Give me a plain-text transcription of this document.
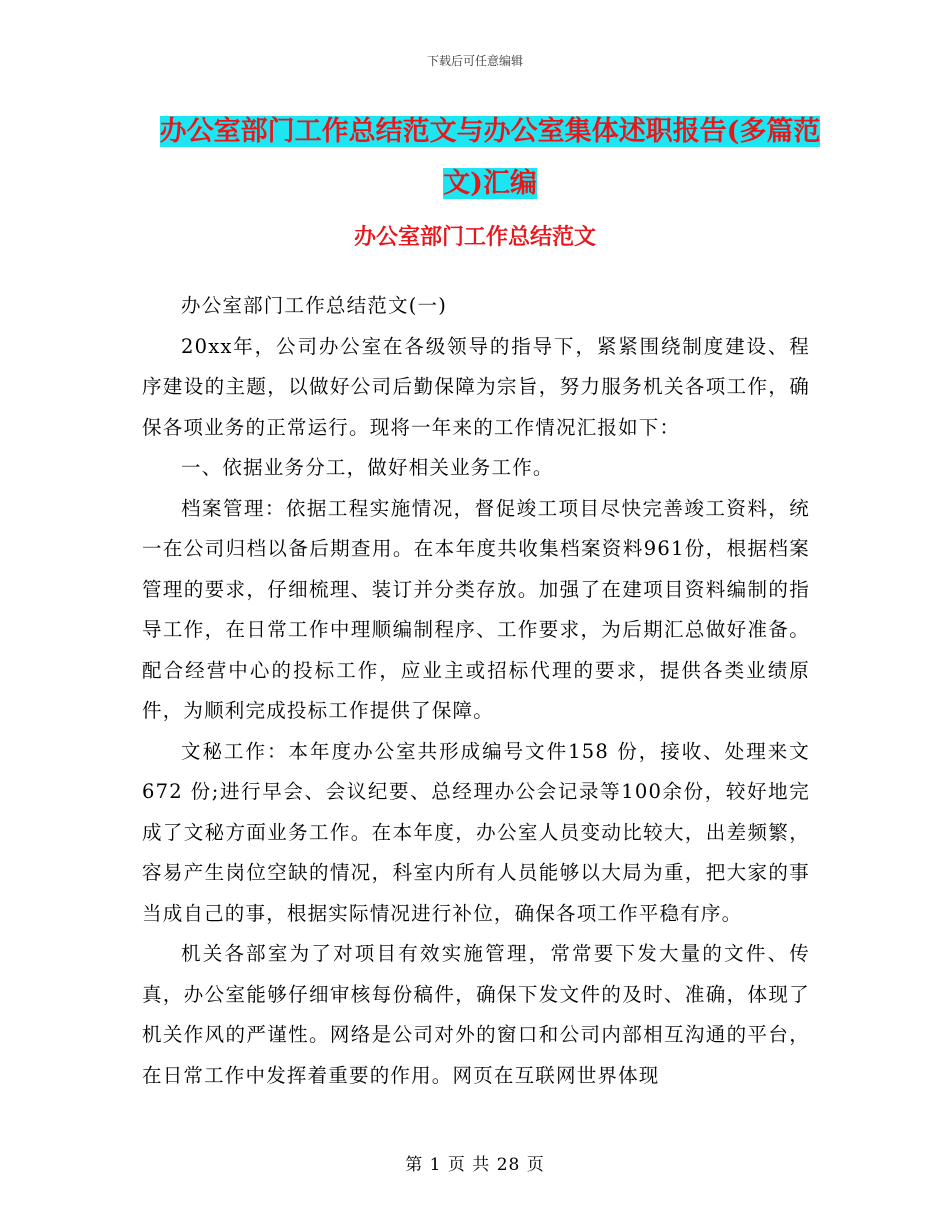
下载后可任意编辑
办公室部门工作总结范文与办公室集体述职报告(多篇范文)汇编
办公室部门工作总结范文

办公室部门工作总结范文(一)

20xx年，公司办公室在各级领导的指导下，紧紧围绕制度建设、程序建设的主题，以做好公司后勤保障为宗旨，努力服务机关各项工作，确保各项业务的正常运行。现将一年来的工作情况汇报如下：

一、依据业务分工，做好相关业务工作。

档案管理：依据工程实施情况，督促竣工项目尽快完善竣工资料，统一在公司归档以备后期查用。在本年度共收集档案资料961份，根据档案管理的要求，仔细梳理、装订并分类存放。加强了在建项目资料编制的指导工作，在日常工作中理顺编制程序、工作要求，为后期汇总做好准备。配合经营中心的投标工作，应业主或招标代理的要求，提供各类业绩原件，为顺利完成投标工作提供了保障。

文秘工作：本年度办公室共形成编号文件158 份，接收、处理来文672 份;进行早会、会议纪要、总经理办公会记录等100余份，较好地完成了文秘方面业务工作。在本年度，办公室人员变动比较大，出差频繁，容易产生岗位空缺的情况，科室内所有人员能够以大局为重，把大家的事当成自己的事，根据实际情况进行补位，确保各项工作平稳有序。

机关各部室为了对项目有效实施管理，常常要下发大量的文件、传真，办公室能够仔细审核每份稿件，确保下发文件的及时、准确，体现了机关作风的严谨性。网络是公司对外的窗口和公司内部相互沟通的平台，在日常工作中发挥着重要的作用。网页在互联网世界体现

第 1 页 共 28 页
